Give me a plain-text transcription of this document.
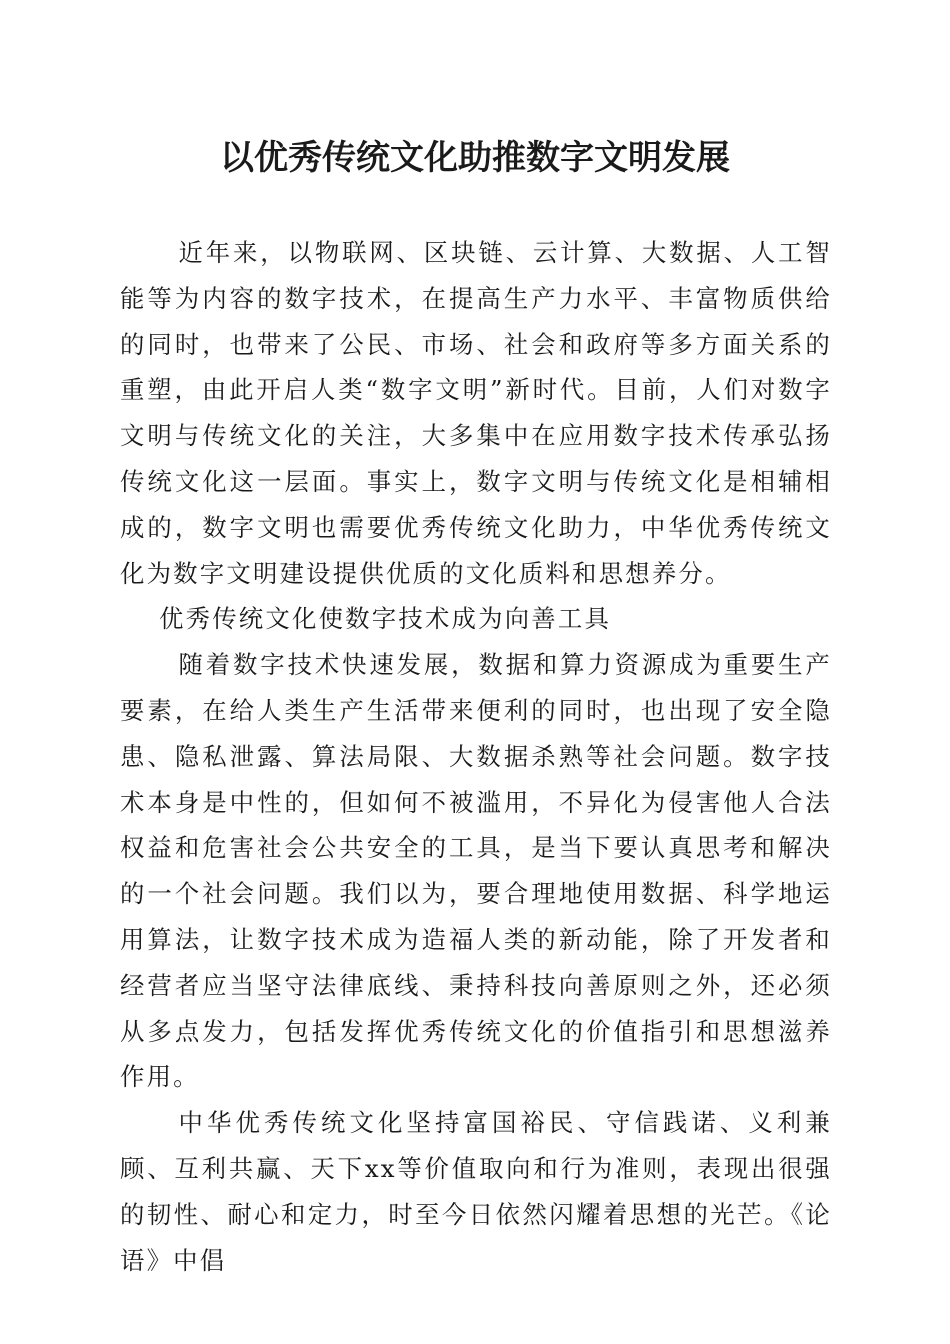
以优秀传统文化助推数字文明发展

近年来，以物联网、区块链、云计算、大数据、人工智能等为内容的数字技术，在提高生产力水平、丰富物质供给的同时，也带来了公民、市场、社会和政府等多方面关系的重塑，由此开启人类“数字文明”新时代。目前，人们对数字文明与传统文化的关注，大多集中在应用数字技术传承弘扬传统文化这一层面。事实上，数字文明与传统文化是相辅相成的，数字文明也需要优秀传统文化助力，中华优秀传统文化为数字文明建设提供优质的文化质料和思想养分。

优秀传统文化使数字技术成为向善工具

随着数字技术快速发展，数据和算力资源成为重要生产要素，在给人类生产生活带来便利的同时，也出现了安全隐患、隐私泄露、算法局限、大数据杀熟等社会问题。数字技术本身是中性的，但如何不被滥用，不异化为侵害他人合法权益和危害社会公共安全的工具，是当下要认真思考和解决的一个社会问题。我们以为，要合理地使用数据、科学地运用算法，让数字技术成为造福人类的新动能，除了开发者和经营者应当坚守法律底线、秉持科技向善原则之外，还必须从多点发力，包括发挥优秀传统文化的价值指引和思想滋养作用。

中华优秀传统文化坚持富国裕民、守信践诺、义利兼顾、互利共赢、天下xx等价值取向和行为准则，表现出很强的韧性、耐心和定力，时至今日依然闪耀着思想的光芒。《论语》中倡
